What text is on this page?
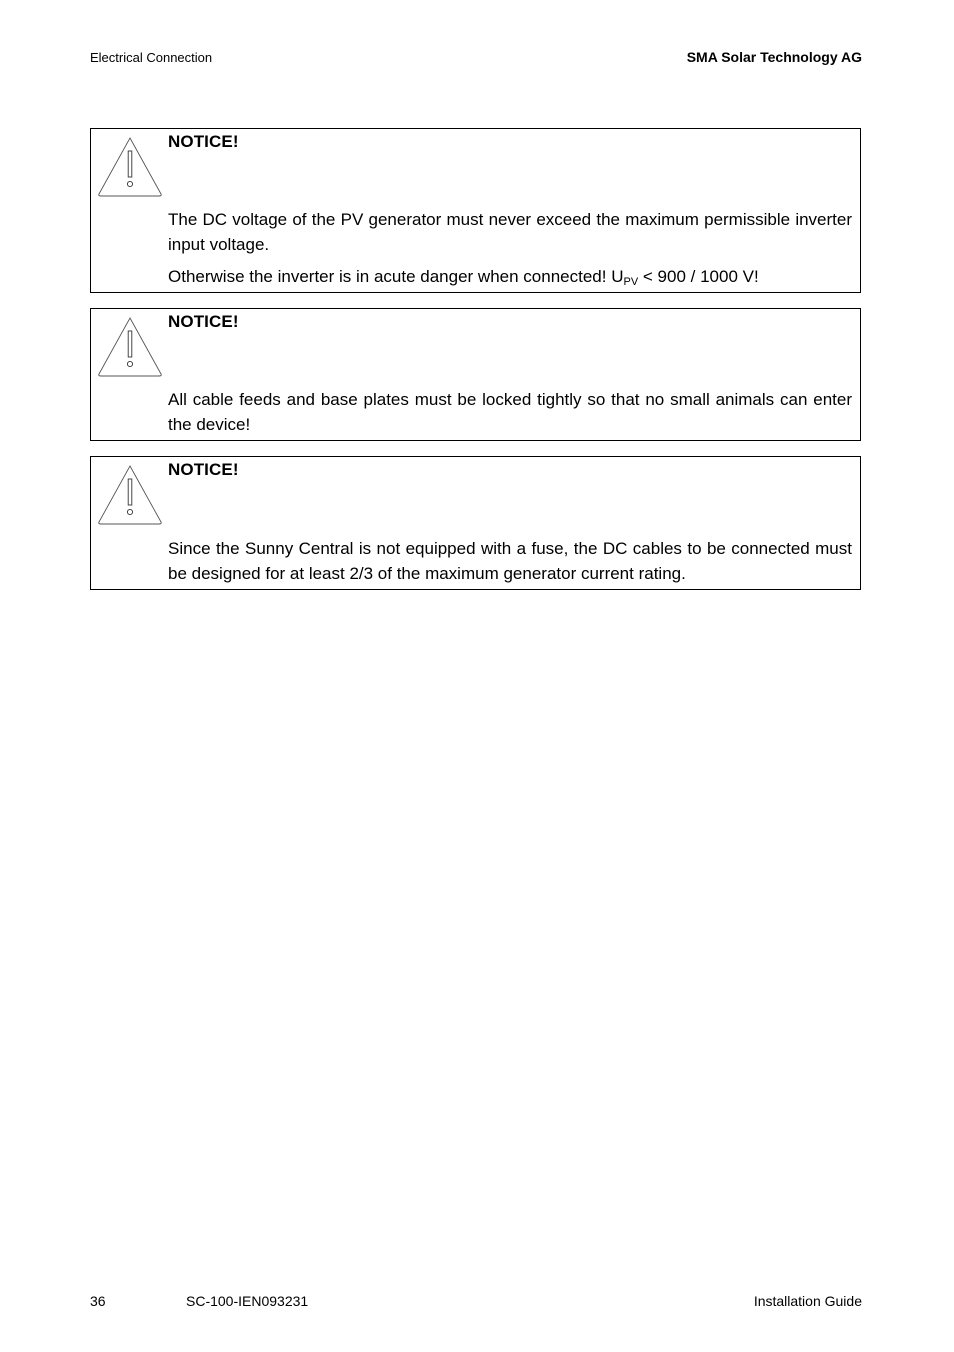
Electrical Connection	SMA Solar Technology AG
NOTICE!

The DC voltage of the PV generator must never exceed the maximum permissible inverter input voltage.

Otherwise the inverter is in acute danger when connected! $U_{PV} < 900 / 1000$ V!

NOTICE!

All cable feeds and base plates must be locked tightly so that no small animals can enter the device!

NOTICE!

Since the Sunny Central is not equipped with a fuse, the DC cables to be connected must be designed for at least 2/3 of the maximum generator current rating.

36	SC-100-IEN093231	Installation Guide
